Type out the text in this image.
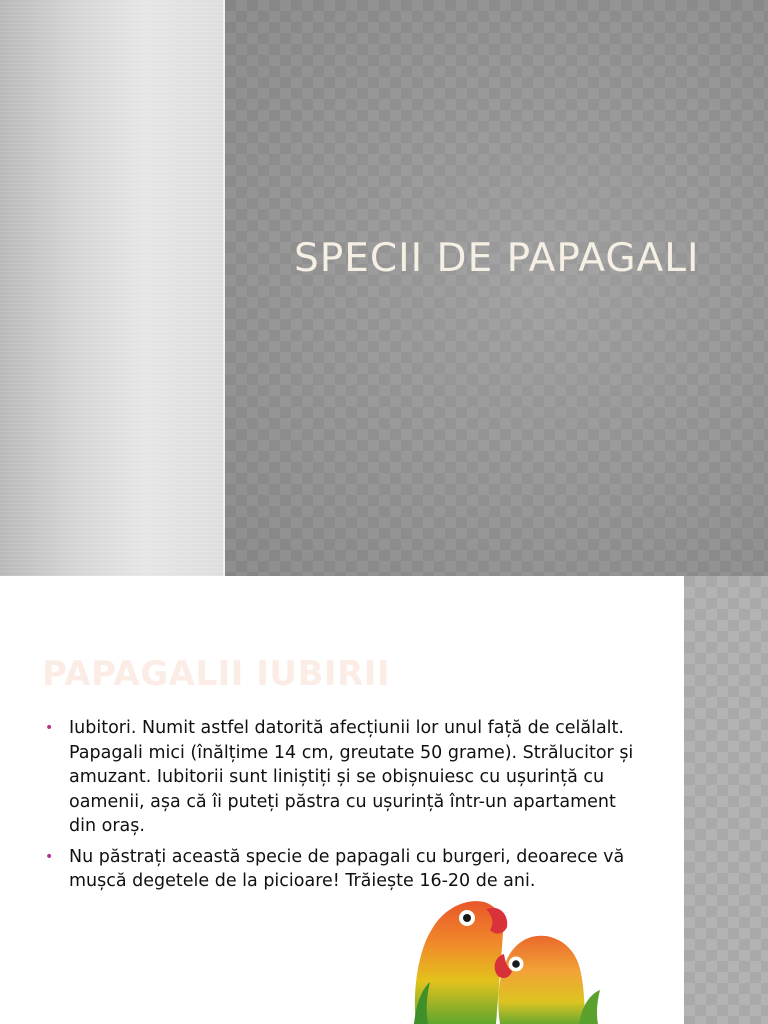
SPECII DE PAPAGALI
PAPAGALII IUBIRII
• Iubitori. Numit astfel datorită afecțiunii lor unul față de celălalt. Papagali mici (înălțime 14 cm, greutate 50 grame). Strălucitor și amuzant. Iubitorii sunt liniștiți și se obișnuiesc cu ușurință cu oamenii, așa că îi puteți păstra cu ușurință într-un apartament din oraș.
• Nu păstrați această specie de papagali cu burgeri, deoarece vă mușcă degetele de la picioare! Trăiește 16-20 de ani.
